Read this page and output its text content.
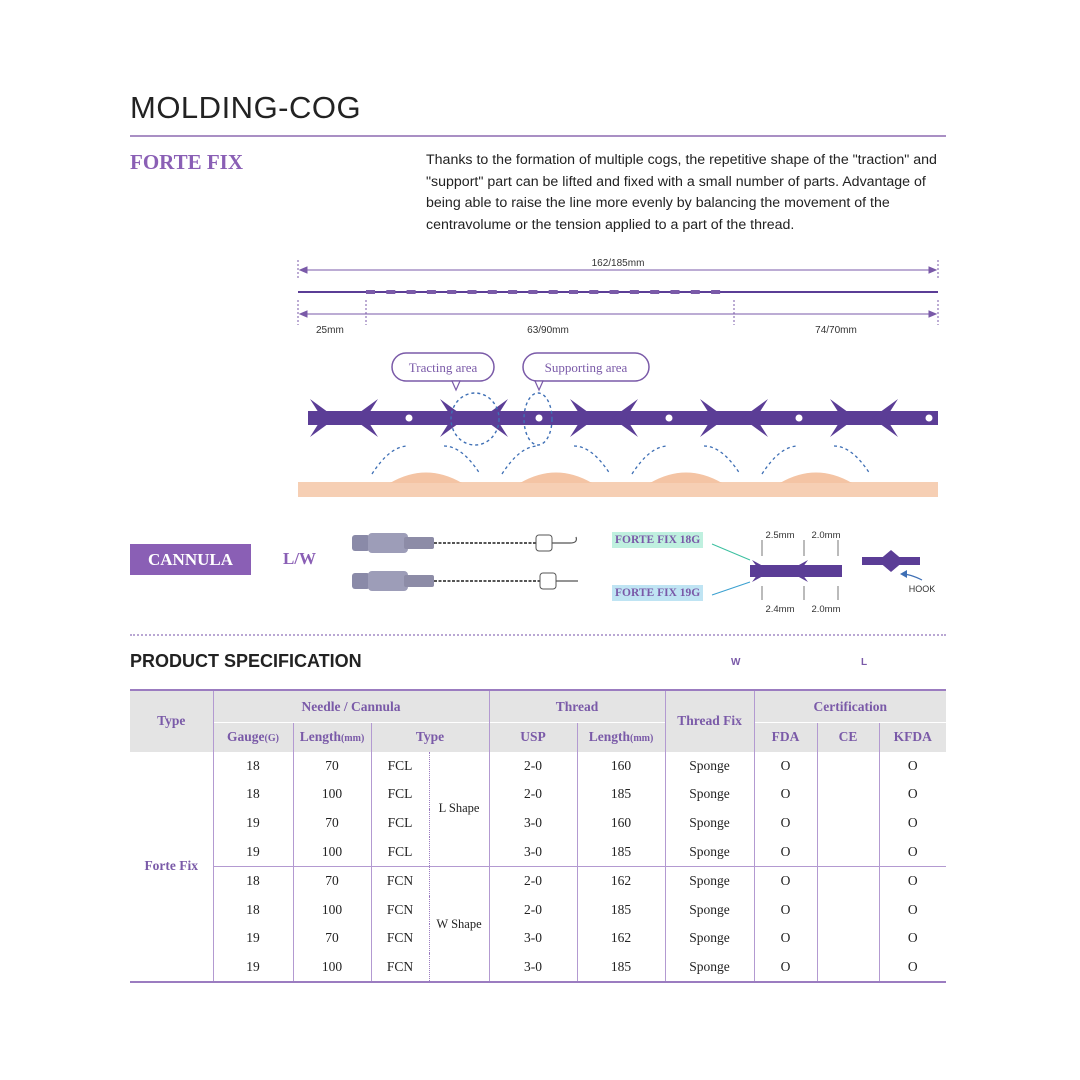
MOLDING-COG
FORTE FIX	Thanks to the formation of multiple cogs, the repetitive shape of the "traction" and "support" part can be lifted and fixed with a small number of parts. Advantage of being able to raise the line more evenly by balancing the movement of the centravolume or the tension applied to a part of the thread.
162/185mm
25mm	63/90mm	74/70mm
Tracting area	Supporting area
2.5mm 2.0mm
2.4mm 2.0mm
HOOK
CANNULA	L/W
FORTE FIX 18G
FORTE FIX 19G
PRODUCT SPECIFICATION	W	L
Type	Needle / Cannula				Thread		Thread Fix	Certification		
	Gauge(G)	Length(mm)	Type		USP	Length(mm)		FDA	CE	KFDA
Forte Fix	18	70	FCL	L Shape	2-0	160	Sponge	O		O
	18	100	FCL		2-0	185	Sponge	O		O
	19	70	FCL		3-0	160	Sponge	O		O
	19	100	FCL		3-0	185	Sponge	O		O
	18	70	FCN	W Shape	2-0	162	Sponge	O		O
	18	100	FCN		2-0	185	Sponge	O		O
	19	70	FCN		3-0	162	Sponge	O		O
	19	100	FCN		3-0	185	Sponge	O		O
